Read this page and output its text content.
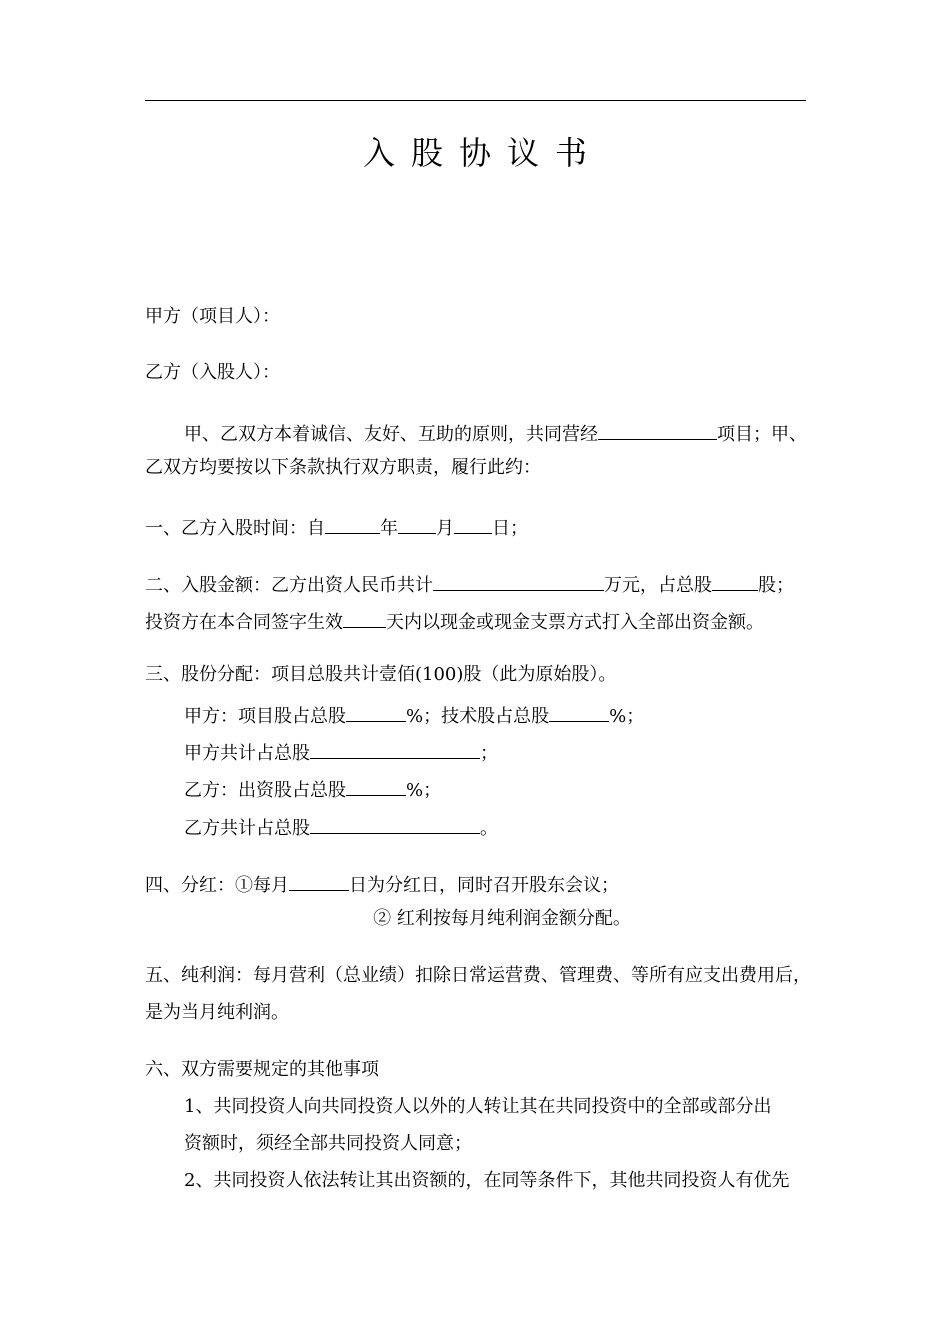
入股协议书
甲方（项目人）：
乙方（入股人）：
甲、乙双方本着诚信、友好、互助的原则，共同营经	项目；甲、
乙双方均要按以下条款执行双方职责，履行此约：
一、乙方入股时间：自	年 月 日；
二、入股金额：乙方出资人民币共计	万元，占总股	股；
投资方在本合同签字生效 天内以现金或现金支票方式打入全部出资金额。
三、股份分配：项目总股共计壹佰(100)股（此为原始股）。
甲方：项目股占总股	%；技术股占总股	%；
甲方共计占总股	；
乙方：出资股占总股	%；
乙方共计占总股	。
四、分红：①每月	日为分红日，同时召开股东会议；
② 红利按每月纯利润金额分配。
五、纯利润：每月营利（总业绩）扣除日常运营费、管理费、等所有应支出费用后，
是为当月纯利润。
六、双方需要规定的其他事项
1、共同投资人向共同投资人以外的人转让其在共同投资中的全部或部分出
资额时，须经全部共同投资人同意；
2、共同投资人依法转让其出资额的，在同等条件下，其他共同投资人有优先
